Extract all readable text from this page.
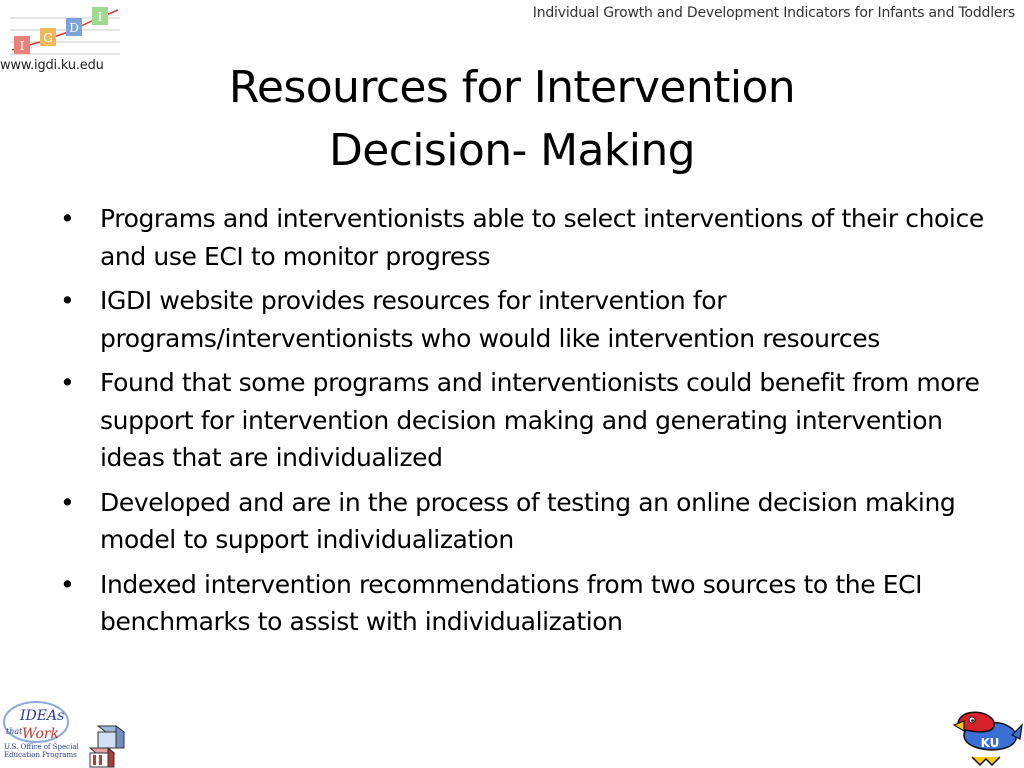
Individual Growth and Development Indicators for Infants and Toddlers
I
G
D
I
www.igdi.ku.edu	Resources for Intervention
Decision- Making
• Programs and interventionists able to select interventions of their choice and use ECI to monitor progress
• IGDI website provides resources for intervention for programs/interventionists who would like intervention resources
• Found that some programs and interventionists could benefit from more support for intervention decision making and generating intervention ideas that are individualized
• Developed and are in the process of testing an online decision making model to support individualization
• Indexed intervention recommendations from two sources to the ECI benchmarks to assist with individualization
IDEAs
that Work
U.S. Office of Special
Education Programs
KU
